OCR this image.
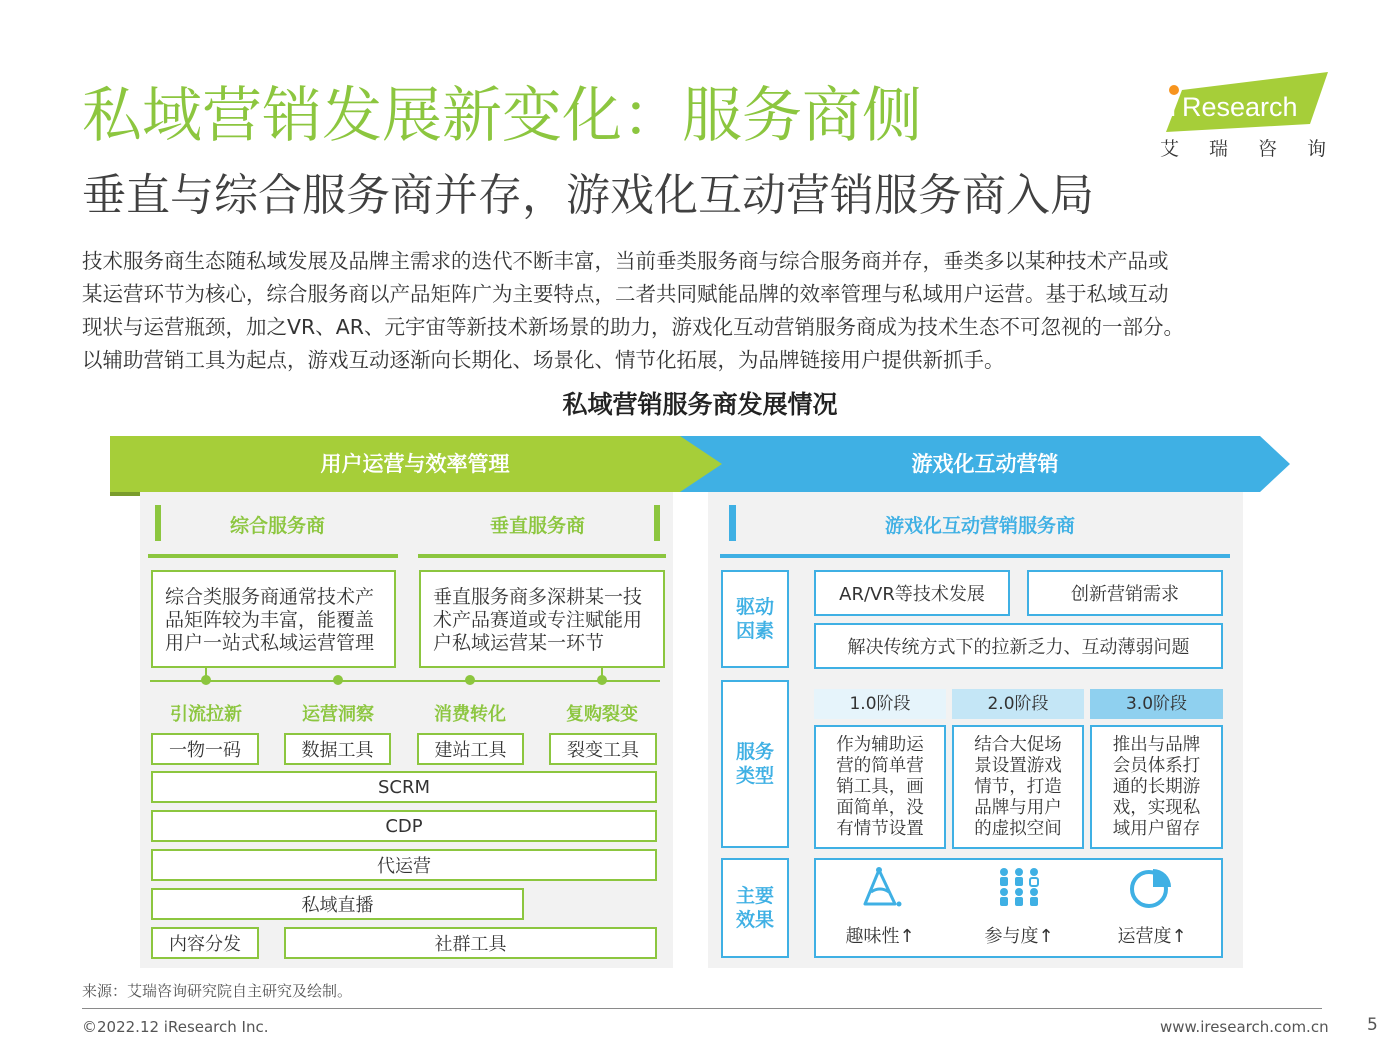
私域营销发展新变化：服务商侧
垂直与综合服务商并存，游戏化互动营销服务商入局
i Research
艾瑞咨询
技术服务商生态随私域发展及品牌主需求的迭代不断丰富，当前垂类服务商与综合服务商并存，垂类多以某种技术产品或
某运营环节为核心，综合服务商以产品矩阵广为主要特点，二者共同赋能品牌的效率管理与私域用户运营。基于私域互动
现状与运营瓶颈，加之VR、AR、元宇宙等新技术新场景的助力，游戏化互动营销服务商成为技术生态不可忽视的一部分。
以辅助营销工具为起点，游戏互动逐渐向长期化、场景化、情节化拓展，为品牌链接用户提供新抓手。
私域营销服务商发展情况
用户运营与效率管理	游戏化互动营销
综合服务商	垂直服务商
综合类服务商通常技术产
品矩阵较为丰富，能覆盖
用户一站式私域运营管理
垂直服务商多深耕某一技
术产品赛道或专注赋能用
户私域运营某一环节
引流拉新	运营洞察	消费转化	复购裂变
一物一码	数据工具	建站工具	裂变工具
SCRM
CDP
代运营
私域直播
内容分发	社群工具
游戏化互动营销服务商
驱动
因素
AR/VR等技术发展	创新营销需求
解决传统方式下的拉新乏力、互动薄弱问题
服务
类型
1.0阶段	2.0阶段	3.0阶段
作为辅助运
营的简单营
销工具，画
面简单，没
有情节设置
结合大促场
景设置游戏
情节，打造
品牌与用户
的虚拟空间
推出与品牌
会员体系打
通的长期游
戏，实现私
域用户留存
主要
效果
趣味性↑	参与度↑	运营度↑
来源：艾瑞咨询研究院自主研究及绘制。
©2022.12 iResearch Inc.	www.iresearch.com.cn 5
